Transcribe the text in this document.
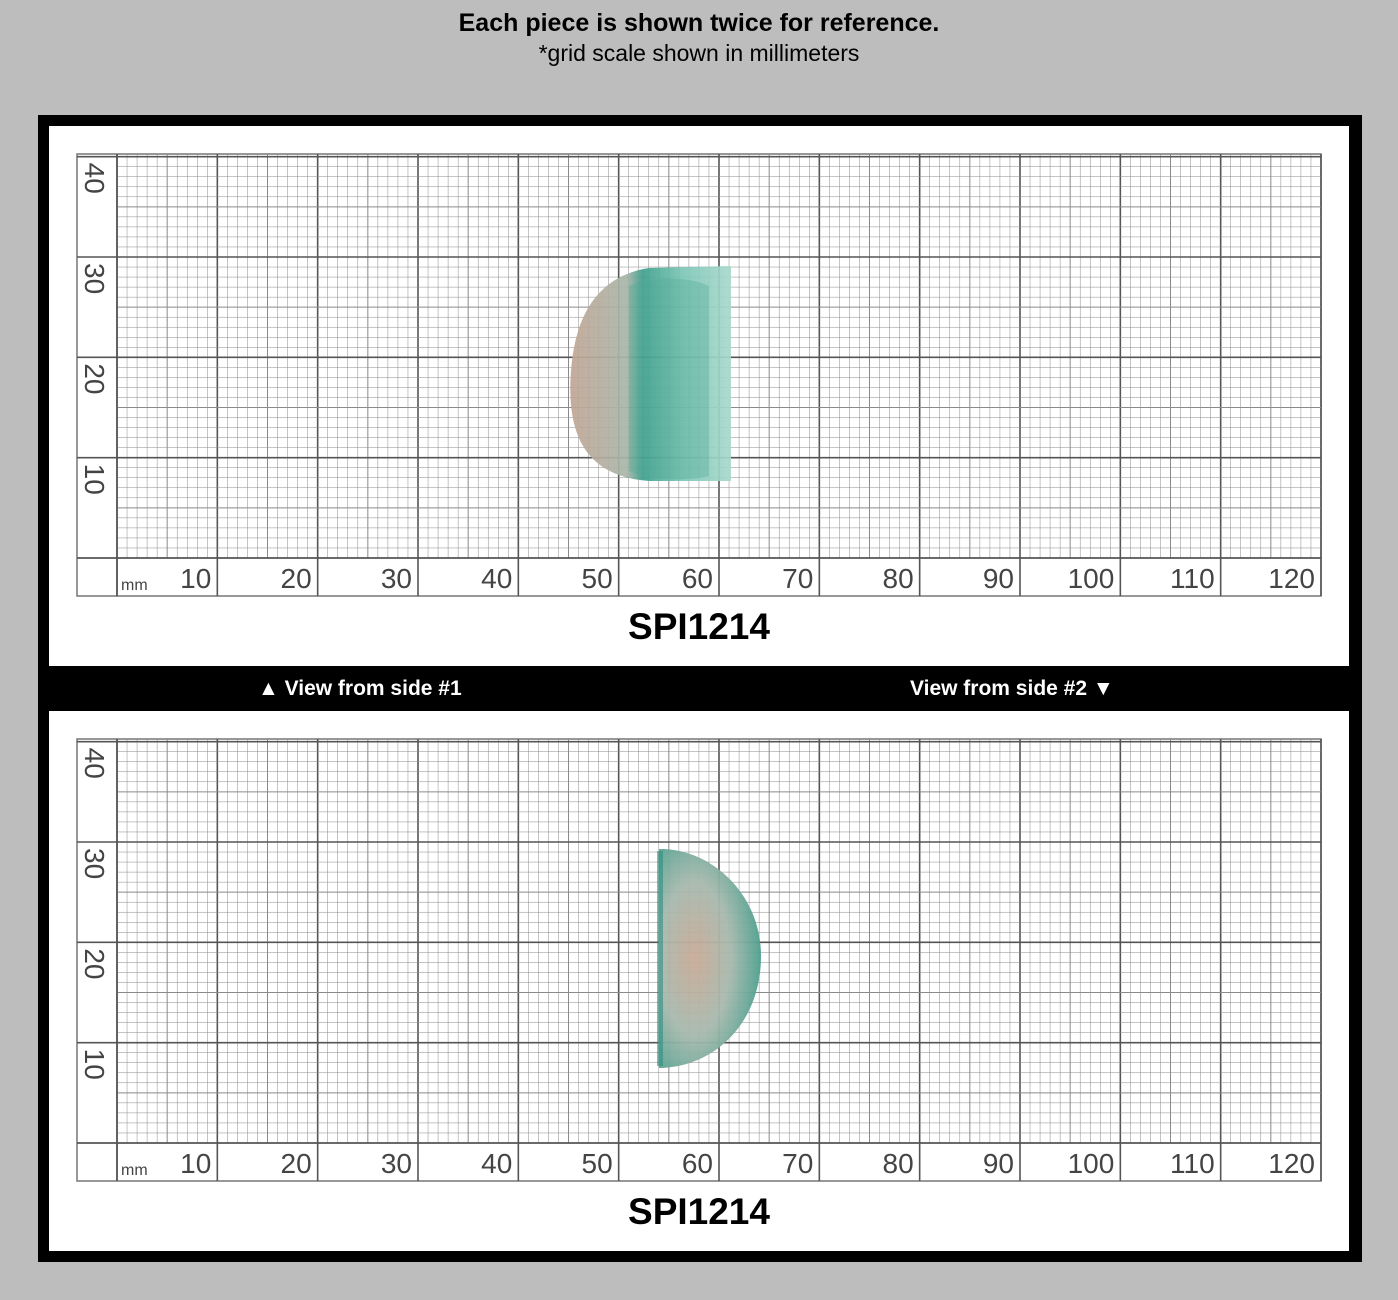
Each piece is shown twice for reference.
*grid scale shown in millimeters
10 20 30 40 50 60 70 80 90 100 110 120
mm
10
20
30
40
SPI1214
▲ View from side #1	View from side #2 ▼
10 20 30 40 50 60 70 80 90 100 110 120
mm
10
20
30
40
SPI1214
